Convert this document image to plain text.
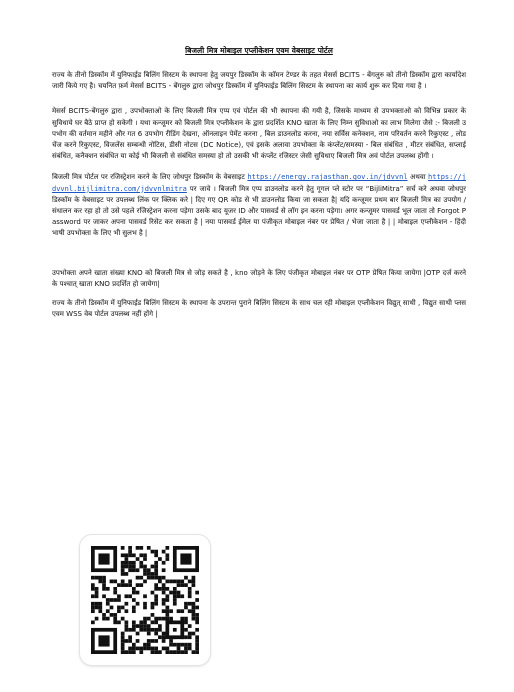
बिजली मित्र मोबाइल एप्लीकेशन एवम वेबसाइट पोर्टल

राज्य के तीनो डिस्कॉम में युनिफाईड बिलिंग सिस्टम के स्थापना हेतु जयपुर डिस्कॉम के कॉमन टेण्डर के तहत मेसर्स BCITS - बेंगलुरु को तीनो डिस्कॉम द्वारा कार्यादेश जारी किये गए है। चयनित फ़र्म मेसर्स BCITS - बेंगलुरु द्वारा जोधपुर डिस्कॉम में युनिफाईड बिलिंग सिस्टम के स्थापना का कार्य शुरू कर दिया गया है ।

मेसर्स BCITS-बेंगलुरु द्वारा , उपभोक्ताओ के लिए बिजली मित्र एप्प एवं पोर्टल की भी स्थापना की गयी है, जिसके माध्यम से उपभक्ताओ को विभिन्न प्रकार के सुविधाये घर बैठे प्राप्त हो सकेगी । यथा कन्जूमर को बिजली मित्र एप्लीकेशन के द्वारा प्रदर्शित KNO खाता के लिए निम्न सुविधाओ का लाभ मिलेगा जैसे :- बिजली उपभोग की वर्तमान महीने और गत 6 उपभोग रीडिंग देखना, ऑनलाइन पेमेंट करना , बिल डाउनलोड करना, नया सर्विस कनेक्शन, नाम परिवर्तन करने रिकुएस्ट , लोड चेंज करने रिकुएस्ट, विजलेंस सम्बन्धी नोटिस, डीसी नोटस (DC Notice), एवं इसके अलावा उपभोक्ता के कंप्लेंट/समस्या - बिल संबंधित , मीटर संबंधित, सप्लाई संबंधित, कनैक्शन संबंधित या कोई भी बिजली से संबंधित समस्या हो तो उसकी भी कंप्लेंट रजिस्टर जेसी सुविधाए बिजली मित्र अवं पोर्टल उपलब्ध होंगी ।

बिजली मित्र पोर्टल पर रजिस्ट्रेशन करने के लिए जोधपुर डिस्कॉम के वेबसाइट https://energy.rajasthan.gov.in/jdvvnl अथवा https://jdvvnl.bijlimitra.com/jdvvnlmitra पर जावे । बिजली मित्र एप्प डाउनलोड करने हेतु गूगल प्ले स्टोर पर “BijliMitra” सर्च करे अथवा जोधपुर डिस्कॉम के वेबसाइट पर उपलब्ध लिंक पर क्लिक करे | दिए गए QR कोड से भी डाउनलोड किया जा सकता है| यदि कन्जूमर प्रथम बार बिजली मित्र का उपयोग / संधालन कर रहा हो तो उसे पहले रजिस्ट्रेशन करना पड़ेगा उसके बाद यूजर ID और पासवर्ड से लॉग इन करना पड़ेगा। अगर कन्जूमर पासवर्ड भूल जाता तो Forgot Password पर जाकर अपना पासवर्ड रिसेट कर सकता है | नया पासवर्ड ईमेल या पंजीकृत मोबाइल नंबर पर प्रेषित / भेजा जाता है | | मोबाइल एप्लीकेशन - हिंदी भाषी उपभोक्ता के लिए भी सुलभ है |

उपभोक्ता अपने खाता संख्या KNO को बिजली मित्र से जोड़ सकते है , kno जोड़ने के लिए पंजीकृत मोबाइल नंबर पर OTP प्रेषित किया जायेगा |OTP दर्ज करने के पश्चात् खाता KNO प्रदर्शित हो जायेगा|

राज्य के तीनो डिस्कॉम में युनिफाईड बिलिंग सिस्टम के स्थापना के उपरान्त पुराने बिलिंग सिस्टम के साथ चल रही मोबाइल एप्लीकेशन विद्युत् साथी , विद्युत साथी प्लस एवम WSS वेब पोर्टल उपलब्ध नहीं होंगे |
